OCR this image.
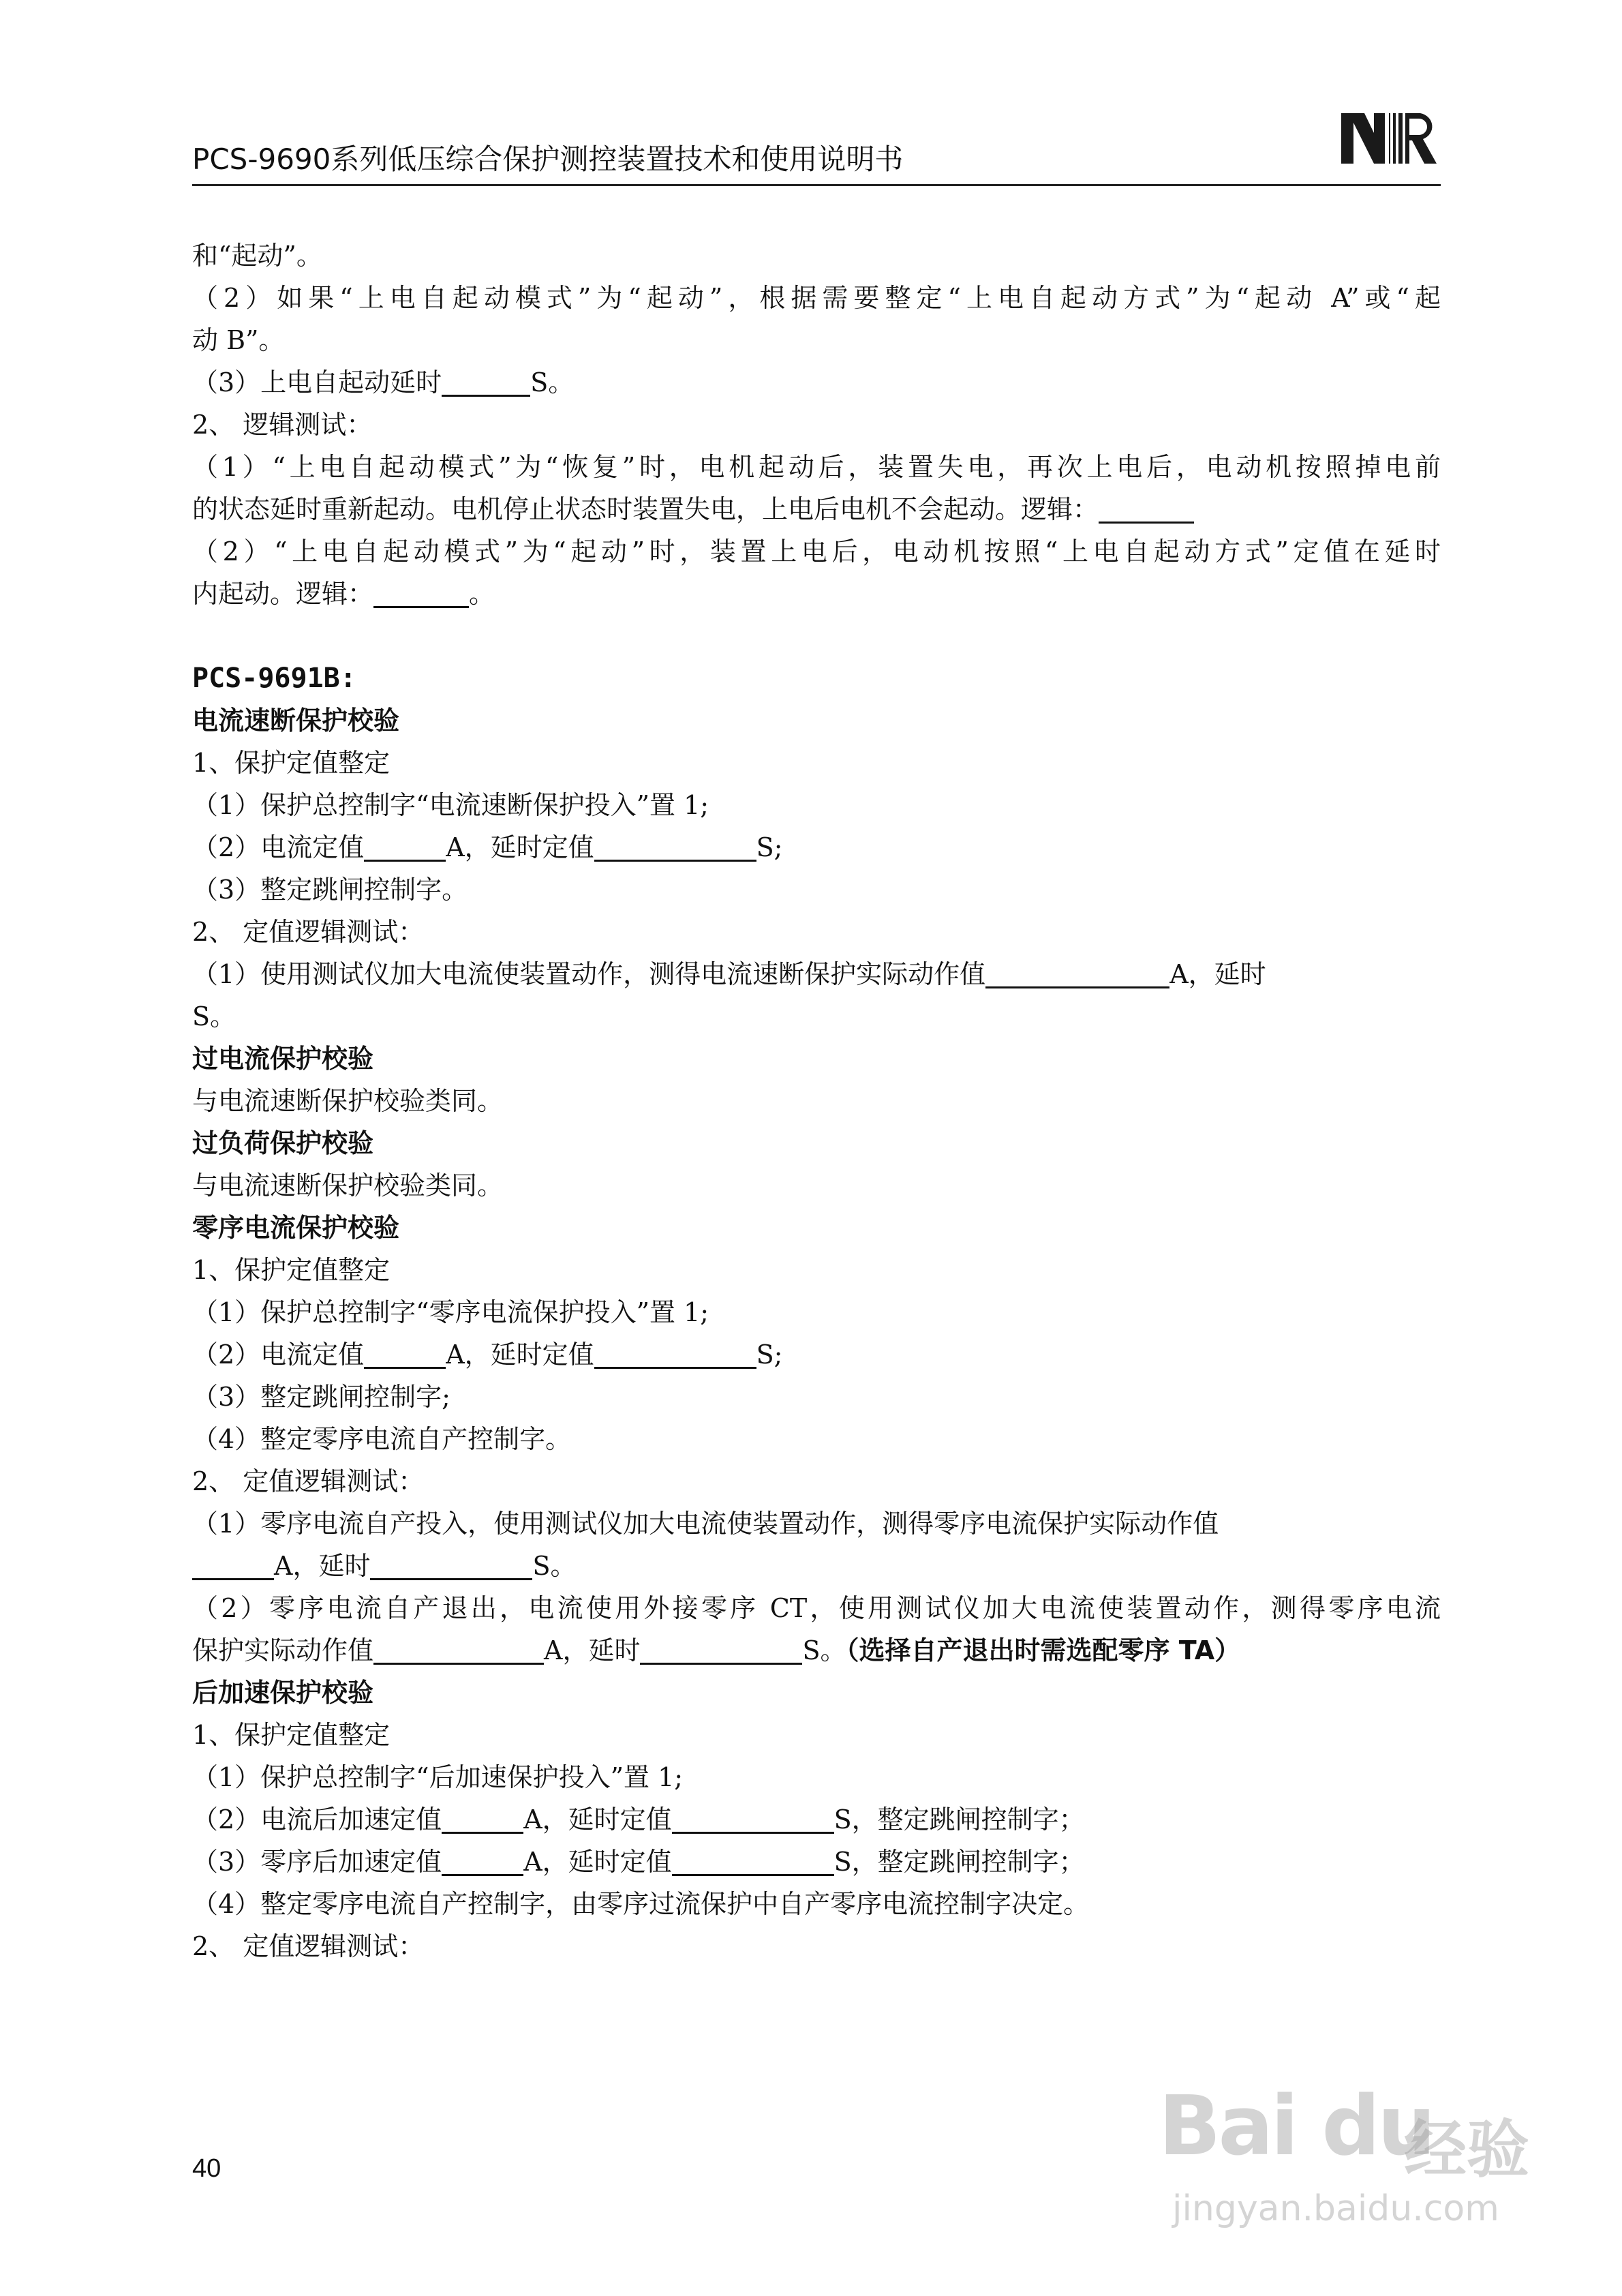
PCS-9690系列低压综合保护测控装置技术和使用说明书
和“起动”。
（2）如果“上电自起动模式”为“起动”，根据需要整定“上电自起动方式”为“起动 A”或“起
动 B”。
（3）上电自起动延时	S。
2、 逻辑测试：
（1）“上电自起动模式”为“恢复”时，电机起动后，装置失电，再次上电后，电动机按照掉电前
的状态延时重新起动。电机停止状态时装置失电，上电后电机不会起动。逻辑：
（2）“上电自起动模式”为“起动”时，装置上电后，电动机按照“上电自起动方式”定值在延时
内起动。逻辑：	。
PCS-9691B:
电流速断保护校验
1、保护定值整定
（1）保护总控制字“电流速断保护投入”置 1;
（2）电流定值	A，延时定值	S;
（3）整定跳闸控制字。
2、 定值逻辑测试：
（1）使用测试仪加大电流使装置动作，测得电流速断保护实际动作值	A，延时
S。
过电流保护校验
与电流速断保护校验类同。
过负荷保护校验
与电流速断保护校验类同。
零序电流保护校验
1、保护定值整定
（1）保护总控制字“零序电流保护投入”置 1;
（2）电流定值	A，延时定值	S;
（3）整定跳闸控制字;
（4）整定零序电流自产控制字。
2、 定值逻辑测试：
（1）零序电流自产投入，使用测试仪加大电流使装置动作，测得零序电流保护实际动作值
A，延时	S。
（2）零序电流自产退出，电流使用外接零序 CT，使用测试仪加大电流使装置动作，测得零序电流
保护实际动作值	A，延时	S。（选择自产退出时需选配零序 TA）
后加速保护校验
1、保护定值整定
（1）保护总控制字“后加速保护投入”置 1;
（2）电流后加速定值	A，延时定值	S，整定跳闸控制字；
（3）零序后加速定值	A，延时定值	S，整定跳闸控制字；
（4）整定零序电流自产控制字，由零序过流保护中自产零序电流控制字决定。
2、 定值逻辑测试：
40	Bai du
经验
jingyan.baidu.com
